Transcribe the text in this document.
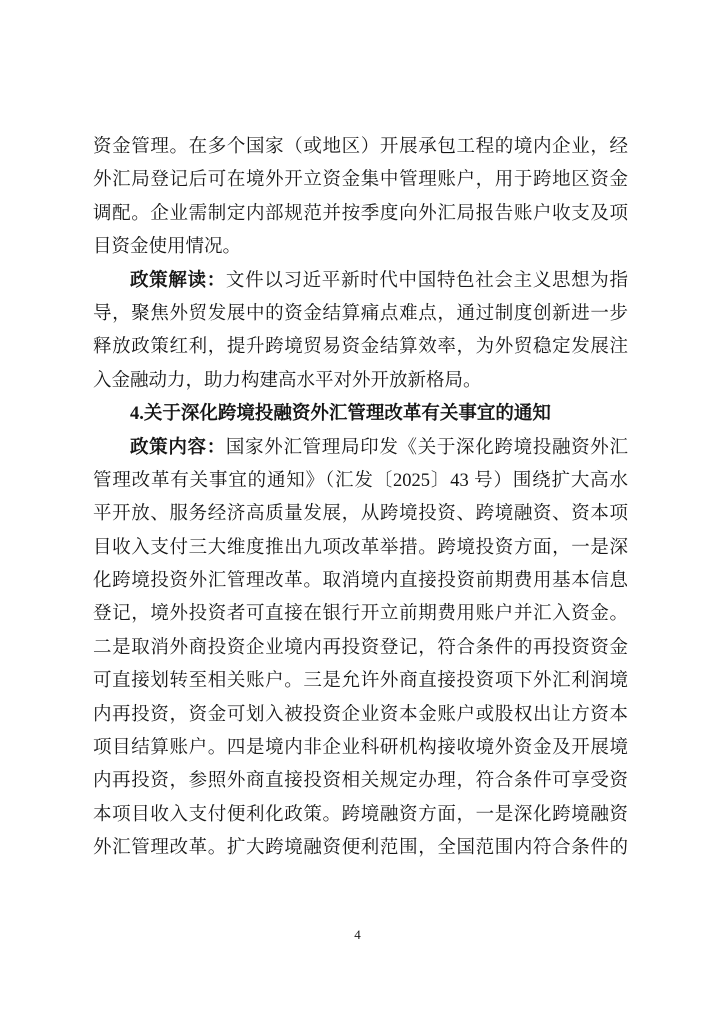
资金管理。在多个国家（或地区）开展承包工程的境内企业，经
外汇局登记后可在境外开立资金集中管理账户，用于跨地区资金
调配。企业需制定内部规范并按季度向外汇局报告账户收支及项
目资金使用情况。
政策解读：文件以习近平新时代中国特色社会主义思想为指
导，聚焦外贸发展中的资金结算痛点难点，通过制度创新进一步
释放政策红利，提升跨境贸易资金结算效率，为外贸稳定发展注
入金融动力，助力构建高水平对外开放新格局。
4.关于深化跨境投融资外汇管理改革有关事宜的通知
政策内容：国家外汇管理局印发《关于深化跨境投融资外汇
管理改革有关事宜的通知》（汇发〔2025〕43 号）围绕扩大高水
平开放、服务经济高质量发展，从跨境投资、跨境融资、资本项
目收入支付三大维度推出九项改革举措。跨境投资方面，一是深
化跨境投资外汇管理改革。取消境内直接投资前期费用基本信息
登记，境外投资者可直接在银行开立前期费用账户并汇入资金。
二是取消外商投资企业境内再投资登记，符合条件的再投资资金
可直接划转至相关账户。三是允许外商直接投资项下外汇利润境
内再投资，资金可划入被投资企业资本金账户或股权出让方资本
项目结算账户。四是境内非企业科研机构接收境外资金及开展境
内再投资，参照外商直接投资相关规定办理，符合条件可享受资
本项目收入支付便利化政策。跨境融资方面，一是深化跨境融资
外汇管理改革。扩大跨境融资便利范围，全国范围内符合条件的
4
